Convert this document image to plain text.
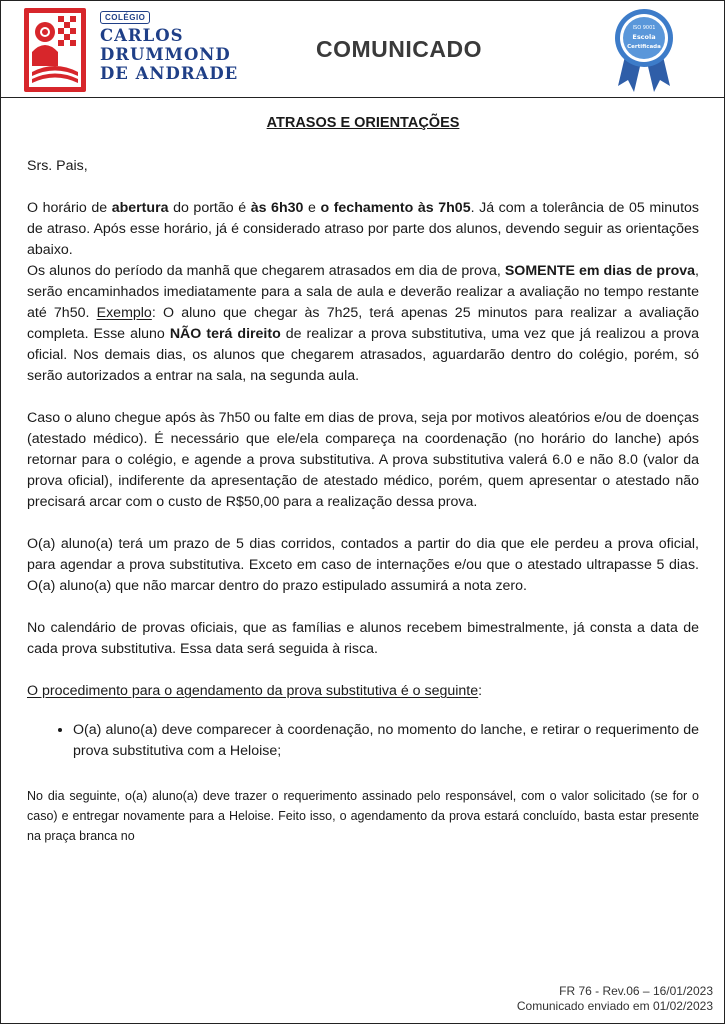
COLÉGIO
CARLOS
DRUMMOND
DE ANDRADE
COMUNICADO
ISO 9001
Escola
Certificada

ATRASOS E ORIENTAÇÕES

Srs. Pais,

O horário de abertura do portão é às 6h30 e o fechamento às 7h05. Já com a tolerância de 05 minutos de atraso. Após esse horário, já é considerado atraso por parte dos alunos, devendo seguir as orientações abaixo.

Os alunos do período da manhã que chegarem atrasados em dia de prova, SOMENTE em dias de prova, serão encaminhados imediatamente para a sala de aula e deverão realizar a avaliação no tempo restante até 7h50. Exemplo: O aluno que chegar às 7h25, terá apenas 25 minutos para realizar a avaliação completa. Esse aluno NÃO terá direito de realizar a prova substitutiva, uma vez que já realizou a prova oficial. Nos demais dias, os alunos que chegarem atrasados, aguardarão dentro do colégio, porém, só serão autorizados a entrar na sala, na segunda aula.

Caso o aluno chegue após às 7h50 ou falte em dias de prova, seja por motivos aleatórios e/ou de doenças (atestado médico). É necessário que ele/ela compareça na coordenação (no horário do lanche) após retornar para o colégio, e agende a prova substitutiva. A prova substitutiva valerá 6.0 e não 8.0 (valor da prova oficial), indiferente da apresentação de atestado médico, porém, quem apresentar o atestado não precisará arcar com o custo de R$50,00 para a realização dessa prova.

O(a) aluno(a) terá um prazo de 5 dias corridos, contados a partir do dia que ele perdeu a prova oficial, para agendar a prova substitutiva. Exceto em caso de internações e/ou que o atestado ultrapasse 5 dias. O(a) aluno(a) que não marcar dentro do prazo estipulado assumirá a nota zero.

No calendário de provas oficiais, que as famílias e alunos recebem bimestralmente, já consta a data de cada prova substitutiva. Essa data será seguida à risca.

O procedimento para o agendamento da prova substitutiva é o seguinte:

• O(a) aluno(a) deve comparecer à coordenação, no momento do lanche, e retirar o requerimento de prova substitutiva com a Heloise;

No dia seguinte, o(a) aluno(a) deve trazer o requerimento assinado pelo responsável, com o valor solicitado (se for o caso) e entregar novamente para a Heloise. Feito isso, o agendamento da prova estará concluído, basta estar presente na praça branca no

FR 76 - Rev.06 – 16/01/2023
Comunicado enviado em 01/02/2023
